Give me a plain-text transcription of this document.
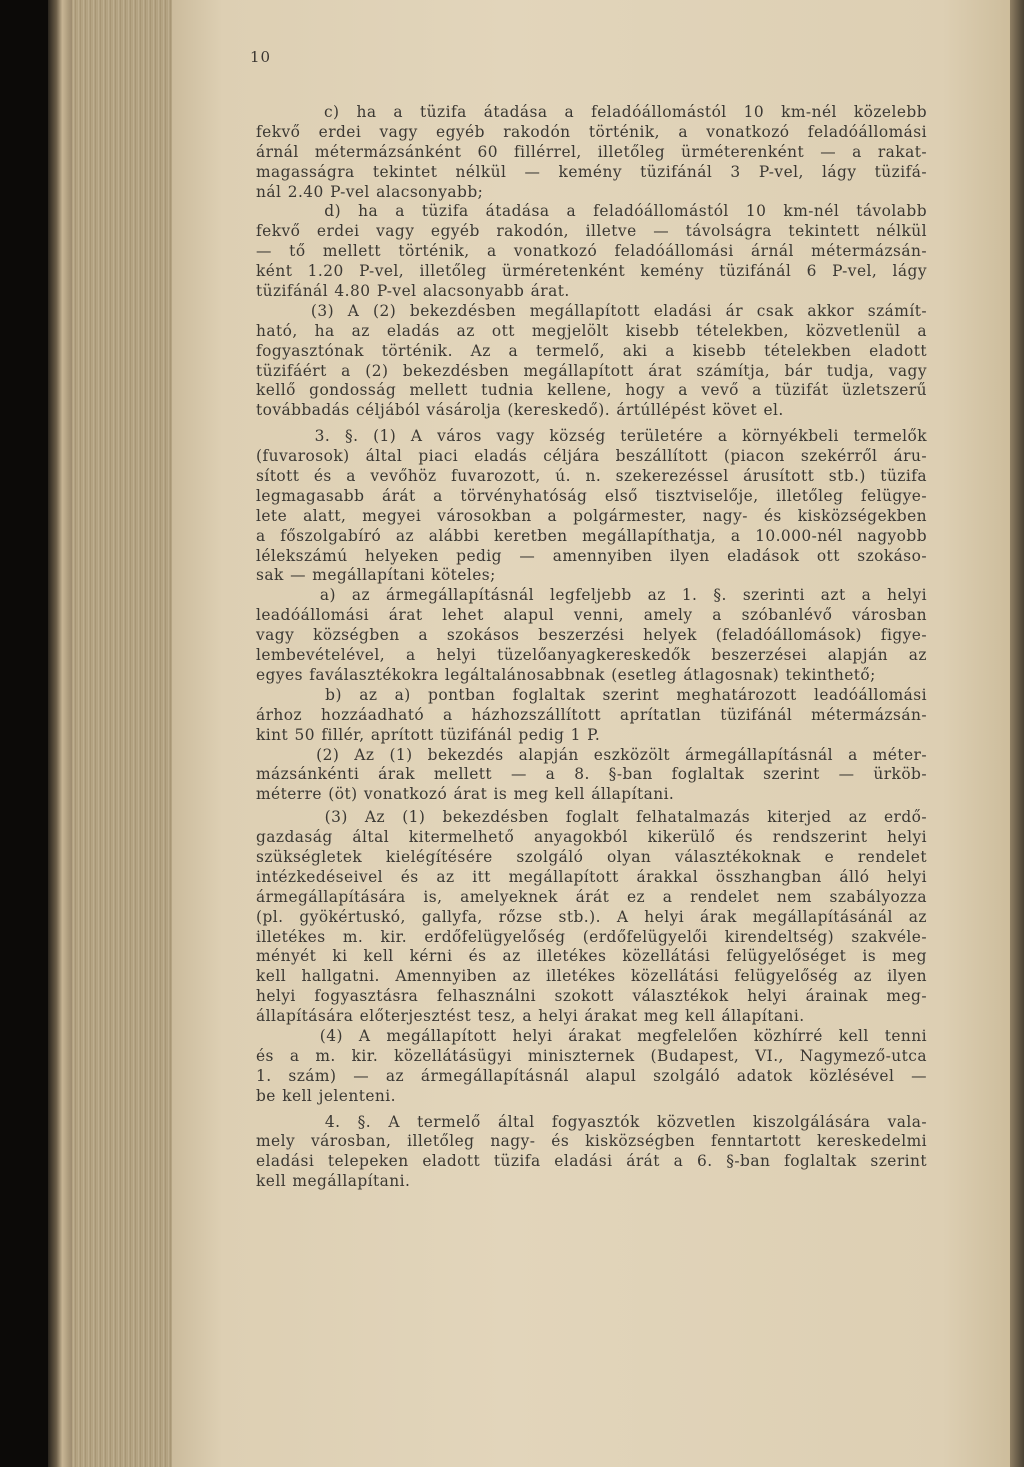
10
c) ha a tüzifa átadása a feladóállomástól 10 km-nél közelebb
fekvő erdei vagy egyéb rakodón történik, a vonatkozó feladóállomási
árnál métermázsánként 60 fillérrel, illetőleg ürméterenként — a rakat-
magasságra tekintet nélkül — kemény tüzifánál 3 P-vel, lágy tüzifá-
nál 2.40 P-vel alacsonyabb;
d) ha a tüzifa átadása a feladóállomástól 10 km-nél távolabb
fekvő erdei vagy egyéb rakodón, illetve — távolságra tekintett nélkül
— tő mellett történik, a vonatkozó feladóállomási árnál métermázsán-
ként 1.20 P-vel, illetőleg ürméretenként kemény tüzifánál 6 P-vel, lágy
tüzifánál 4.80 P-vel alacsonyabb árat.
(3) A (2) bekezdésben megállapított eladási ár csak akkor számít-
ható, ha az eladás az ott megjelölt kisebb tételekben, közvetlenül a
fogyasztónak történik. Az a termelő, aki a kisebb tételekben eladott
tüzifáért a (2) bekezdésben megállapított árat számítja, bár tudja, vagy
kellő gondosság mellett tudnia kellene, hogy a vevő a tüzifát üzletszerű
továbbadás céljából vásárolja (kereskedő). ártúllépést követ el.
3. §. (1) A város vagy község területére a környékbeli termelők
(fuvarosok) által piaci eladás céljára beszállított (piacon szekérről áru-
sított és a vevőhöz fuvarozott, ú. n. szekerezéssel árusított stb.) tüzifa
legmagasabb árát a törvényhatóság első tisztviselője, illetőleg felügye-
lete alatt, megyei városokban a polgármester, nagy- és kisközségekben
a főszolgabíró az alábbi keretben megállapíthatja, a 10.000-nél nagyobb
lélekszámú helyeken pedig — amennyiben ilyen eladások ott szokáso-
sak — megállapítani köteles;
a) az ármegállapításnál legfeljebb az 1. §. szerinti azt a helyi
leadóállomási árat lehet alapul venni, amely a szóbanlévő városban
vagy községben a szokásos beszerzési helyek (feladóállomások) figye-
lembevételével, a helyi tüzelőanyagkereskedők beszerzései alapján az
egyes faválasztékokra legáltalánosabbnak (esetleg átlagosnak) tekinthető;
b) az a) pontban foglaltak szerint meghatározott leadóállomási
árhoz hozzáadható a házhozszállított aprítatlan tüzifánál métermázsán-
kint 50 fillér, aprított tüzifánál pedig 1 P.
(2) Az (1) bekezdés alapján eszközölt ármegállapításnál a méter-
mázsánkénti árak mellett — a 8. §-ban foglaltak szerint — ürköb-
méterre (öt) vonatkozó árat is meg kell állapítani.
(3) Az (1) bekezdésben foglalt felhatalmazás kiterjed az erdő-
gazdaság által kitermelhető anyagokból kikerülő és rendszerint helyi
szükségletek kielégítésére szolgáló olyan választékoknak e rendelet
intézkedéseivel és az itt megállapított árakkal összhangban álló helyi
ármegállapítására is, amelyeknek árát ez a rendelet nem szabályozza
(pl. gyökértuskó, gallyfa, rőzse stb.). A helyi árak megállapításánál az
illetékes m. kir. erdőfelügyelőség (erdőfelügyelői kirendeltség) szakvéle-
ményét ki kell kérni és az illetékes közellátási felügyelőséget is meg
kell hallgatni. Amennyiben az illetékes közellátási felügyelőség az ilyen
helyi fogyasztásra felhasználni szokott választékok helyi árainak meg-
állapítására előterjesztést tesz, a helyi árakat meg kell állapítani.
(4) A megállapított helyi árakat megfelelően közhírré kell tenni
és a m. kir. közellátásügyi miniszternek (Budapest, VI., Nagymező-utca
1. szám) — az ármegállapításnál alapul szolgáló adatok közlésével —
be kell jelenteni.
4. §. A termelő által fogyasztók közvetlen kiszolgálására vala-
mely városban, illetőleg nagy- és kisközségben fenntartott kereskedelmi
eladási telepeken eladott tüzifa eladási árát a 6. §-ban foglaltak szerint
kell megállapítani.
